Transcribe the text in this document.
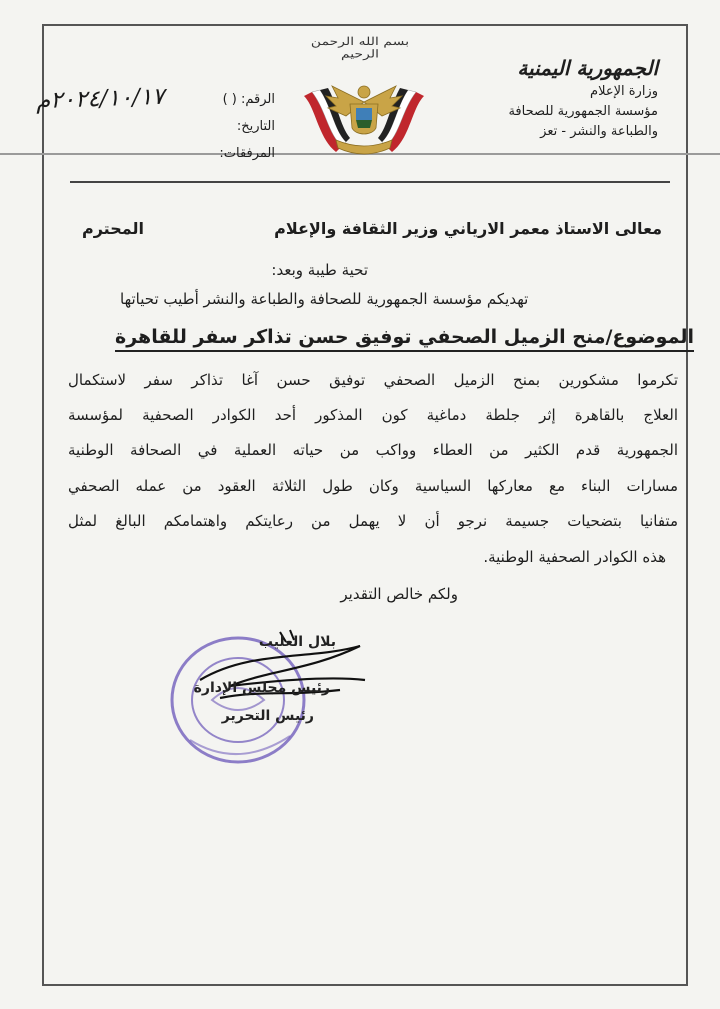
بسم الله الرحمن الرحيم
الجمهورية اليمنية
وزارة الإعلام
مؤسسة الجمهورية للصحافة
والطباعة والنشر - تعز
الرقم: ( )
التاريخ:
المرفقات:
٢٠٢٤/١٠/١٧م
معالى الاستاذ معمر الارياني وزير الثقافة والإعلام
المحترم
تحية طيبة وبعد:
تهديكم مؤسسة الجمهورية للصحافة والطباعة والنشر أطيب تحياتها
الموضوع/منح الزميل الصحفي توفيق حسن تذاكر سفر للقاهرة
تكرموا مشكورين بمنح الزميل الصحفي توفيق حسن آغا تذاكر سفر لاستكمال
العلاج بالقاهرة إثر جلطة دماغية كون المذكور أحد الكوادر الصحفية لمؤسسة
الجمهورية قدم الكثير من العطاء وواكب من حياته العملية في الصحافة الوطنية
مسارات البناء مع معاركها السياسية وكان طول الثلاثة العقود من عمله الصحفي
متفانيا بتضحيات جسيمة نرجو أن لا يهمل من رعايتكم واهتمامكم البالغ لمثل
هذه الكوادر الصحفية الوطنية.
ولكم خالص التقدير
بلال العليب
رئيس مجلس الإدارة
رئيس التحرير
